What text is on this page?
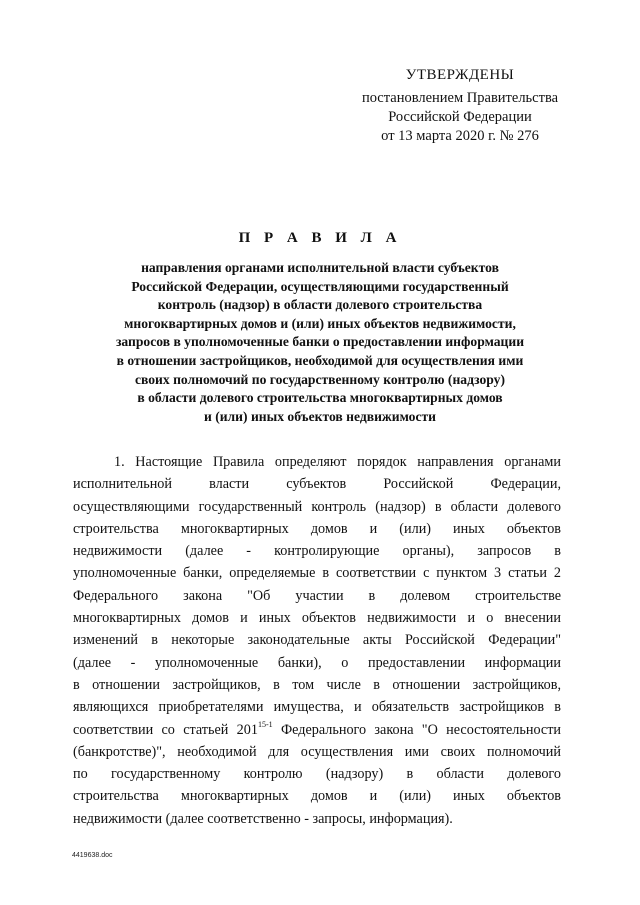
УТВЕРЖДЕНЫ
постановлением Правительства
Российской Федерации
от 13 марта 2020 г. № 276
П Р А В И Л А
направления органами исполнительной власти субъектов
Российской Федерации, осуществляющими государственный
контроль (надзор) в области долевого строительства
многоквартирных домов и (или) иных объектов недвижимости,
запросов в уполномоченные банки о предоставлении информации
в отношении застройщиков, необходимой для осуществления ими
своих полномочий по государственному контролю (надзору)
в области долевого строительства многоквартирных домов
и (или) иных объектов недвижимости
1. Настоящие Правила определяют порядок направления органами
исполнительной власти субъектов Российской Федерации,
осуществляющими государственный контроль (надзор) в области долевого
строительства многоквартирных домов и (или) иных объектов
недвижимости (далее - контролирующие органы), запросов в
уполномоченные банки, определяемые в соответствии с пунктом 3 статьи 2
Федерального закона "Об участии в долевом строительстве
многоквартирных домов и иных объектов недвижимости и о внесении
изменений в некоторые законодательные акты Российской Федерации"
(далее - уполномоченные банки), о предоставлении информации
в отношении застройщиков, в том числе в отношении застройщиков,
являющихся приобретателями имущества, и обязательств застройщиков в
соответствии со статьей 201$^{15-1}$ Федерального закона "О несостоятельности
(банкротстве)", необходимой для осуществления ими своих полномочий
по государственному контролю (надзору) в области долевого
строительства многоквартирных домов и (или) иных объектов
недвижимости (далее соответственно - запросы, информация).
4419638.doc
